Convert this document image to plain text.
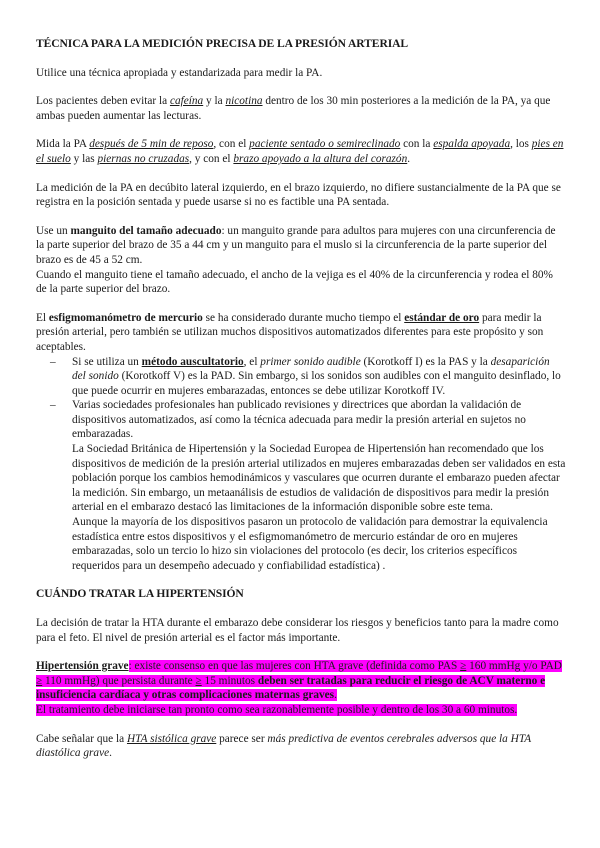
TÉCNICA PARA LA MEDICIÓN PRECISA DE LA PRESIÓN ARTERIAL

Utilice una técnica apropiada y estandarizada para medir la PA.

Los pacientes deben evitar la cafeína y la nicotina dentro de los 30 min posteriores a la medición de la PA, ya que ambas pueden aumentar las lecturas.

Mida la PA después de 5 min de reposo, con el paciente sentado o semireclinado con la espalda apoyada, los pies en el suelo y las piernas no cruzadas, y con el brazo apoyado a la altura del corazón.

La medición de la PA en decúbito lateral izquierdo, en el brazo izquierdo, no difiere sustancialmente de la PA que se registra en la posición sentada y puede usarse si no es factible una PA sentada.

Use un manguito del tamaño adecuado: un manguito grande para adultos para mujeres con una circunferencia de la parte superior del brazo de 35 a 44 cm y un manguito para el muslo si la circunferencia de la parte superior del brazo es de 45 a 52 cm.

Cuando el manguito tiene el tamaño adecuado, el ancho de la vejiga es el 40% de la circunferencia y rodea el 80% de la parte superior del brazo.

El esfigmomanómetro de mercurio se ha considerado durante mucho tiempo el estándar de oro para medir la presión arterial, pero también se utilizan muchos dispositivos automatizados diferentes para este propósito y son aceptables.

– Si se utiliza un método auscultatorio, el primer sonido audible (Korotkoff I) es la PAS y la desaparición del sonido (Korotkoff V) es la PAD. Sin embargo, si los sonidos son audibles con el manguito desinflado, lo que puede ocurrir en mujeres embarazadas, entonces se debe utilizar Korotkoff IV.

– Varias sociedades profesionales han publicado revisiones y directrices que abordan la validación de dispositivos automatizados, así como la técnica adecuada para medir la presión arterial en sujetos no embarazadas.

La Sociedad Británica de Hipertensión y la Sociedad Europea de Hipertensión han recomendado que los dispositivos de medición de la presión arterial utilizados en mujeres embarazadas deben ser validados en esta población porque los cambios hemodinámicos y vasculares que ocurren durante el embarazo pueden afectar la medición. Sin embargo, un metaanálisis de estudios de validación de dispositivos para medir la presión arterial en el embarazo destacó las limitaciones de la información disponible sobre este tema.

Aunque la mayoría de los dispositivos pasaron un protocolo de validación para demostrar la equivalencia estadística entre estos dispositivos y el esfigmomanómetro de mercurio estándar de oro en mujeres embarazadas, solo un tercio lo hizo sin violaciones del protocolo (es decir, los criterios específicos requeridos para un desempeño adecuado y confiabilidad estadística) .

CUÁNDO TRATAR LA HIPERTENSIÓN

La decisión de tratar la HTA durante el embarazo debe considerar los riesgos y beneficios tanto para la madre como para el feto. El nivel de presión arterial es el factor más importante.

Hipertensión grave: existe consenso en que las mujeres con HTA grave (definida como PAS ≥ 160 mmHg y/o PAD ≥ 110 mmHg) que persista durante ≥ 15 minutos deben ser tratadas para reducir el riesgo de ACV materno e insuficiencia cardíaca y otras complicaciones maternas graves.

El tratamiento debe iniciarse tan pronto como sea razonablemente posible y dentro de los 30 a 60 minutos.

Cabe señalar que la HTA sistólica grave parece ser más predictiva de eventos cerebrales adversos que la HTA diastólica grave.
